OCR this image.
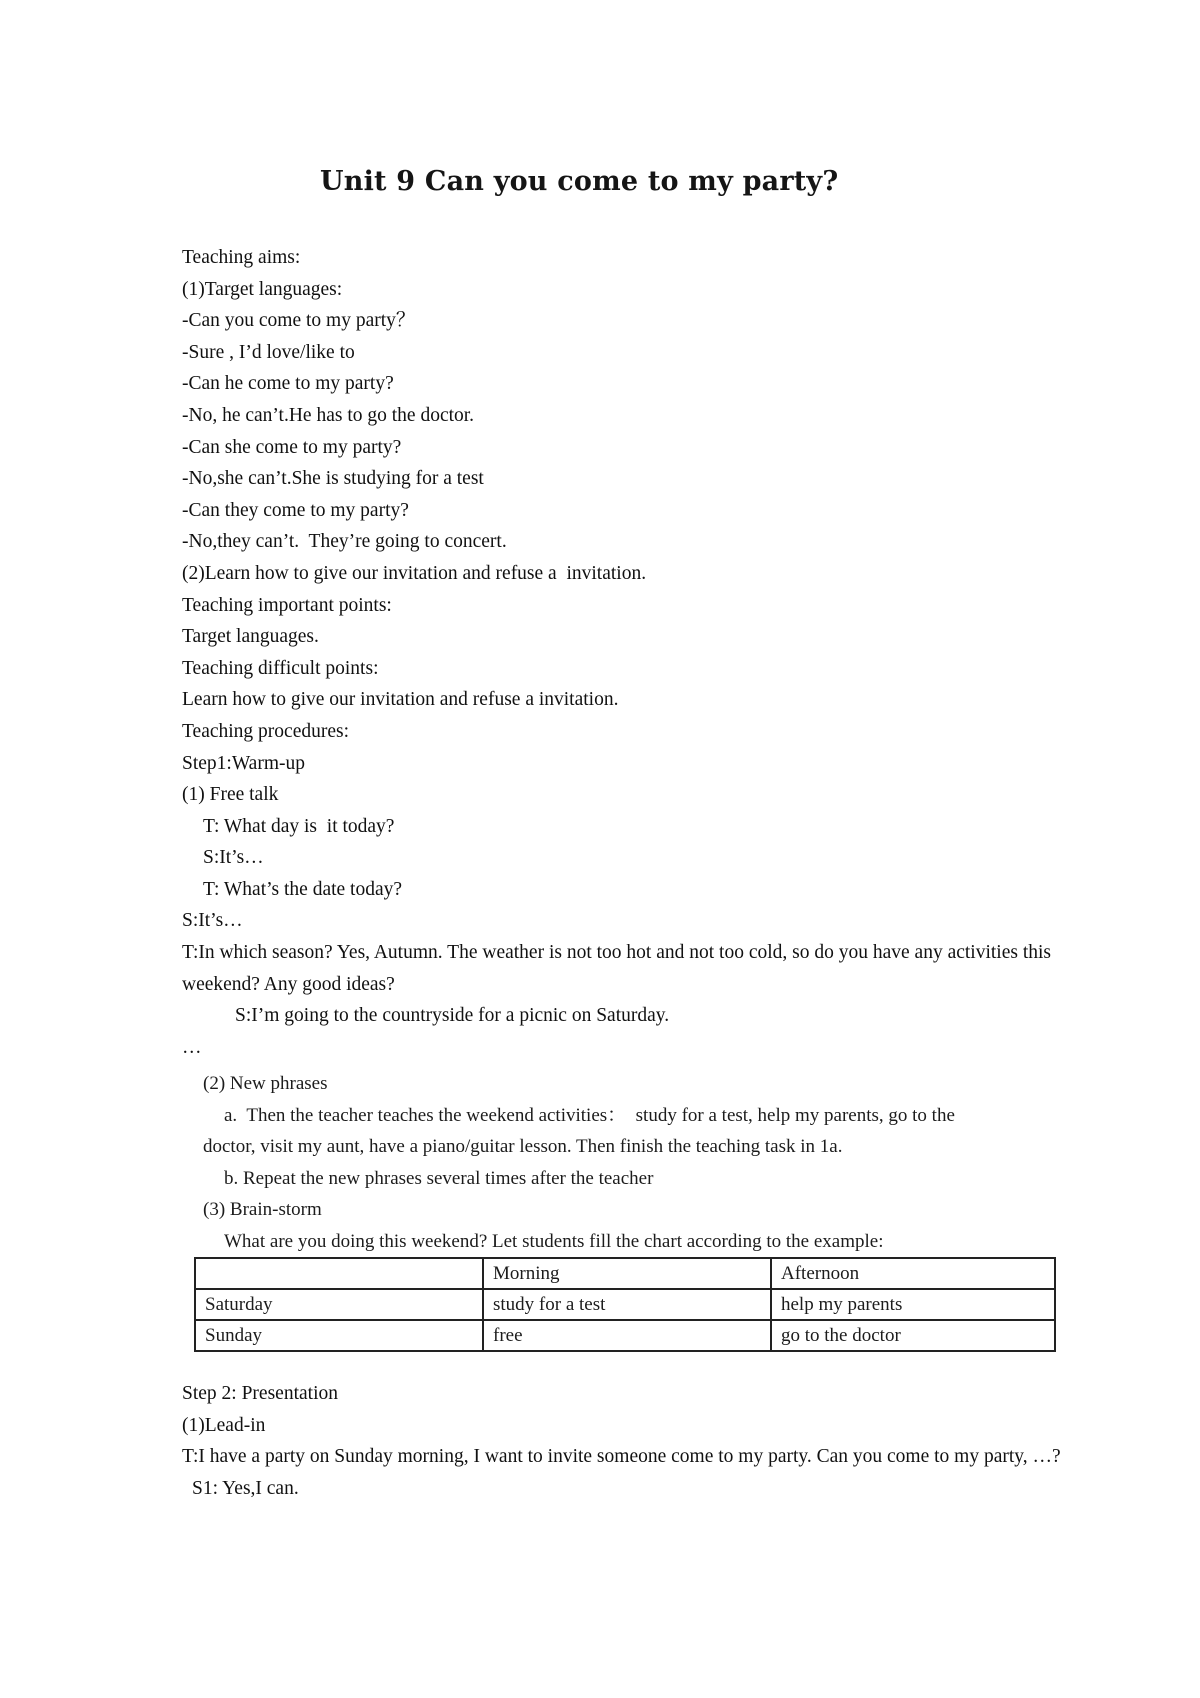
Unit 9 Can you come to my party?
Teaching aims:
(1)Target languages:
-Can you come to my party？
-Sure , I’d love/like to
-Can he come to my party?
-No, he can’t.He has to go the doctor.
-Can she come to my party?
-No,she can’t.She is studying for a test
-Can they come to my party?
-No,they can’t.  They’re going to concert.
(2)Learn how to give our invitation and refuse a  invitation.
Teaching important points:
Target languages.
Teaching difficult points:
Learn how to give our invitation and refuse a invitation.
Teaching procedures:
Step1:Warm-up
(1) Free talk
T: What day is  it today?
S:It’s…
T: What’s the date today?
S:It’s…
T:In which season? Yes, Autumn. The weather is not too hot and not too cold, so do you have any activities this weekend? Any good ideas?
S:I’m going to the countryside for a picnic on Saturday.
…
(2) New phrases
a.  Then the teacher teaches the weekend activities：  study for a test, help my parents, go to the
doctor, visit my aunt, have a piano/guitar lesson. Then finish the teaching task in 1a.
b. Repeat the new phrases several times after the teacher
(3) Brain-storm
What are you doing this weekend? Let students fill the chart according to the example:
	Morning	Afternoon
Saturday	study for a test	help my parents
Sunday	free	go to the doctor
Step 2: Presentation
(1)Lead-in
T:I have a party on Sunday morning, I want to invite someone come to my party. Can you come to my party, …?
S1: Yes,I can.
